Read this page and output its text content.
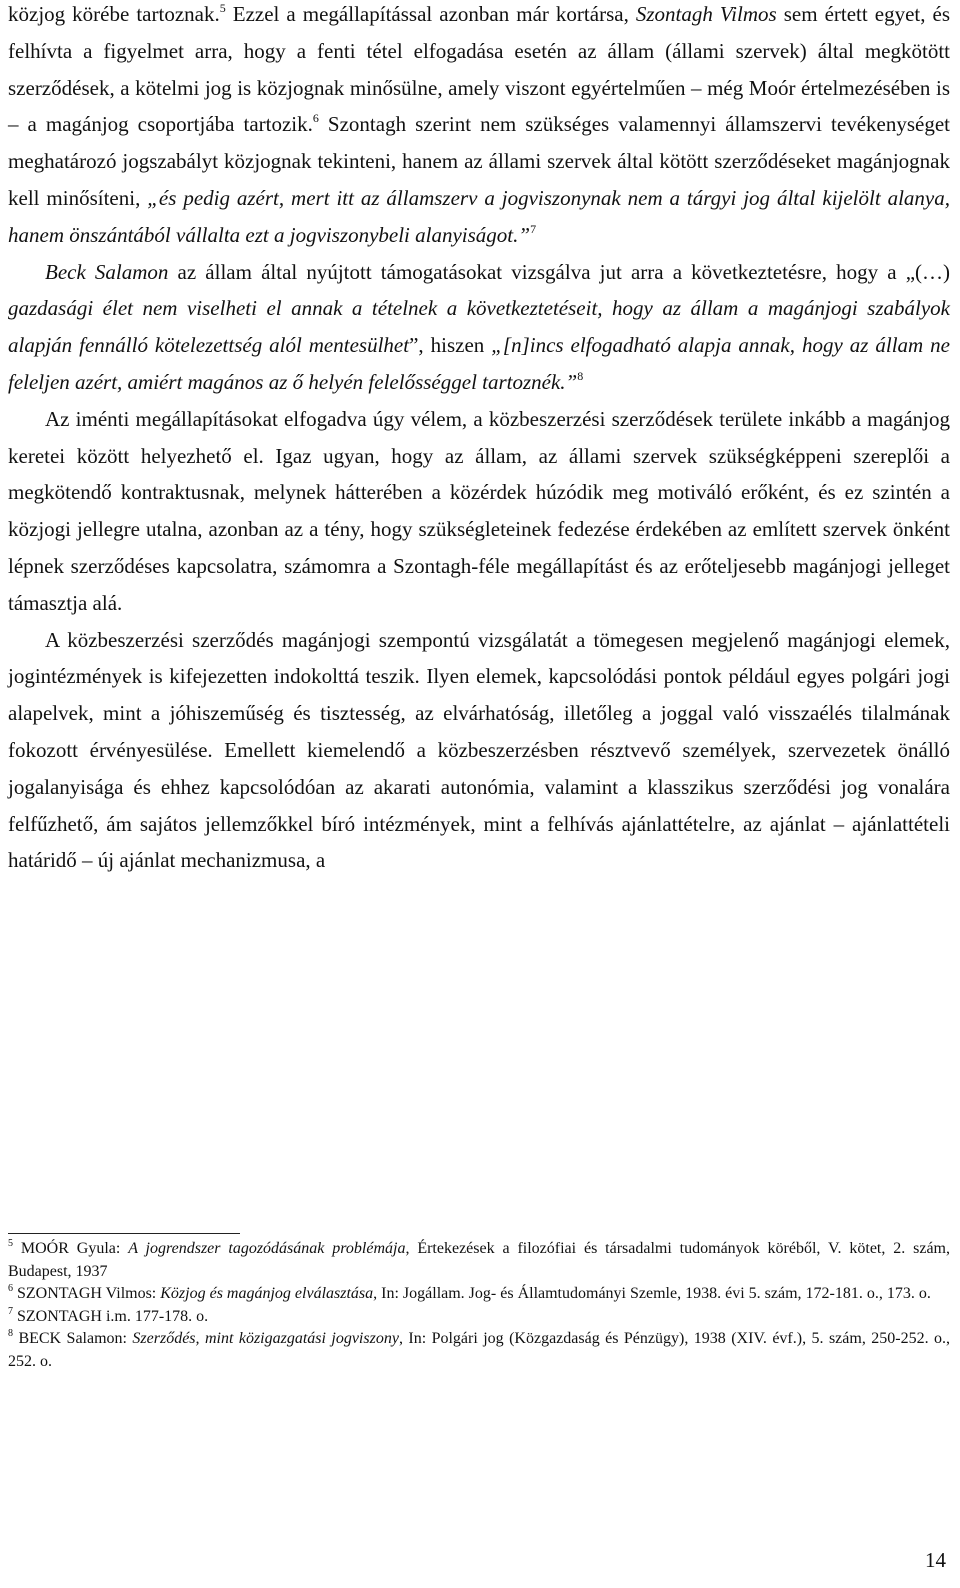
közjog körébe tartoznak.$^5$ Ezzel a megállapítással azonban már kortársa, Szontagh Vilmos sem értett egyet, és felhívta a figyelmet arra, hogy a fenti tétel elfogadása esetén az állam (állami szervek) által megkötött szerződések, a kötelmi jog is közjognak minősülne, amely viszont egyértelműen – még Moór értelmezésében is – a magánjog csoportjába tartozik.$^6$ Szontagh szerint nem szükséges valamennyi államszervi tevékenységet meghatározó jogszabályt közjognak tekinteni, hanem az állami szervek által kötött szerződéseket magánjognak kell minősíteni, „és pedig azért, mert itt az államszerv a jogviszonynak nem a tárgyi jog által kijelölt alanya, hanem önszántából vállalta ezt a jogviszonybeli alanyiságot.”$^7$

Beck Salamon az állam által nyújtott támogatásokat vizsgálva jut arra a következtetésre, hogy a „(…) gazdasági élet nem viselheti el annak a tételnek a következtetéseit, hogy az állam a magánjogi szabályok alapján fennálló kötelezettség alól mentesülhet”, hiszen „[n]incs elfogadható alapja annak, hogy az állam ne feleljen azért, amiért magános az ő helyén felelősséggel tartoznék.”$^8$

Az iménti megállapításokat elfogadva úgy vélem, a közbeszerzési szerződések területe inkább a magánjog keretei között helyezhető el. Igaz ugyan, hogy az állam, az állami szervek szükségképpeni szereplői a megkötendő kontraktusnak, melynek hátterében a közérdek húzódik meg motiváló erőként, és ez szintén a közjogi jellegre utalna, azonban az a tény, hogy szükségleteinek fedezése érdekében az említett szervek önként lépnek szerződéses kapcsolatra, számomra a Szontagh-féle megállapítást és az erőteljesebb magánjogi jelleget támasztja alá.

A közbeszerzési szerződés magánjogi szempontú vizsgálatát a tömegesen megjelenő magánjogi elemek, jogintézmények is kifejezetten indokolttá teszik. Ilyen elemek, kapcsolódási pontok például egyes polgári jogi alapelvek, mint a jóhiszeműség és tisztesség, az elvárhatóság, illetőleg a joggal való visszaélés tilalmának fokozott érvényesülése. Emellett kiemelendő a közbeszerzésben résztvevő személyek, szervezetek önálló jogalanyisága és ehhez kapcsolódóan az akarati autonómia, valamint a klasszikus szerződési jog vonalára felfűzhető, ám sajátos jellemzőkkel bíró intézmények, mint a felhívás ajánlattételre, az ajánlat – ajánlattételi határidő – új ajánlat mechanizmusa, a

$^5$ MOÓR Gyula: A jogrendszer tagozódásának problémája, Értekezések a filozófiai és társadalmi tudományok köréből, V. kötet, 2. szám, Budapest, 1937

$^6$ SZONTAGH Vilmos: Közjog és magánjog elválasztása, In: Jogállam. Jog- és Államtudományi Szemle, 1938. évi 5. szám, 172-181. o., 173. o.

$^7$ SZONTAGH i.m. 177-178. o.

$^8$ BECK Salamon: Szerződés, mint közigazgatási jogviszony, In: Polgári jog (Közgazdaság és Pénzügy), 1938 (XIV. évf.), 5. szám, 250-252. o., 252. o.

14
